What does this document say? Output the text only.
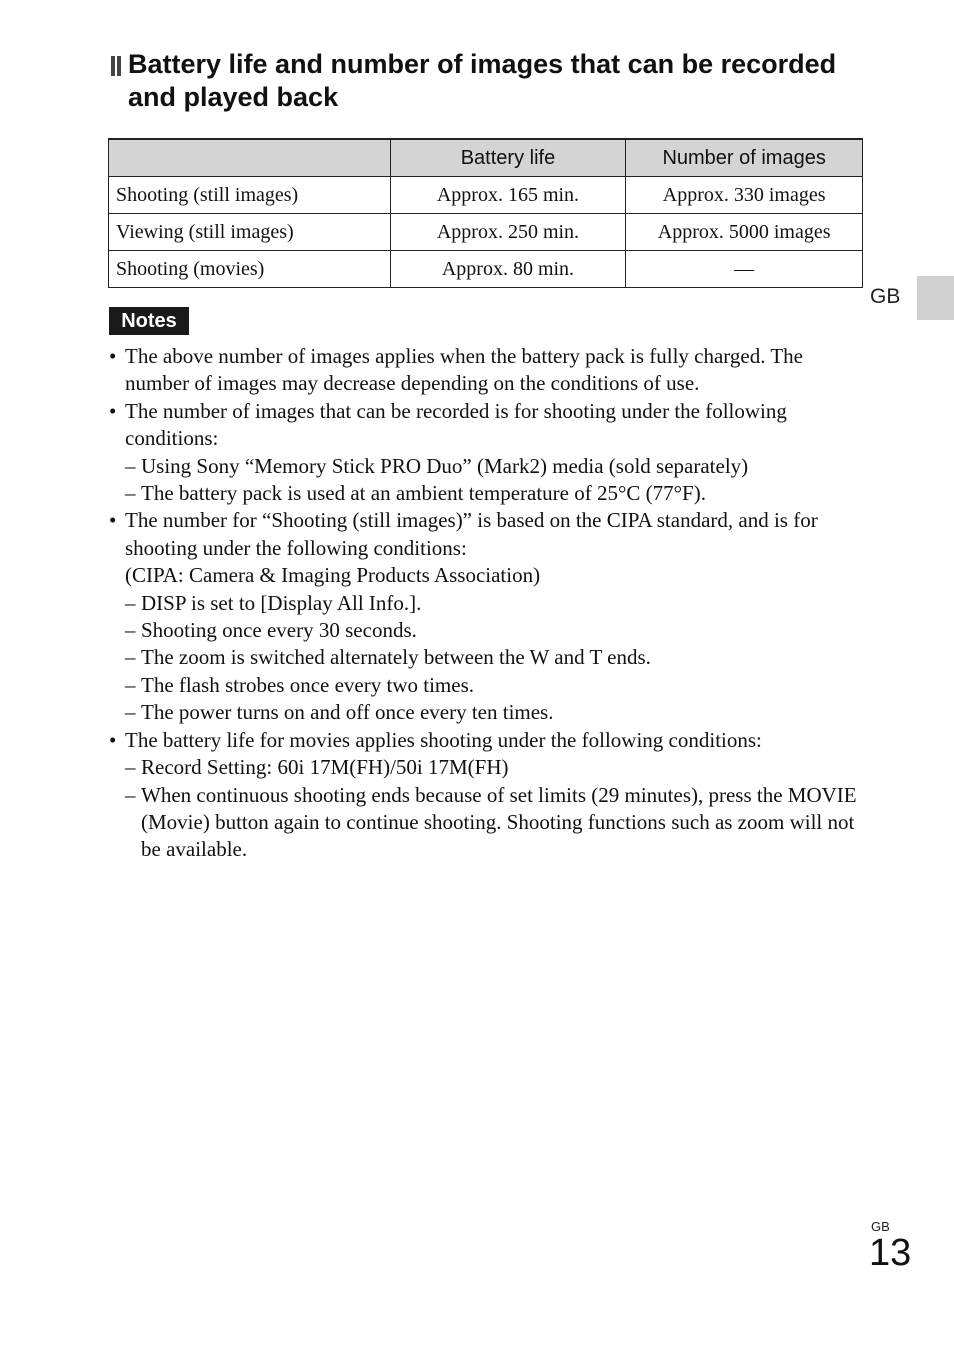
Battery life and number of images that can be recorded and played back
	Battery life	Number of images
Shooting (still images)	Approx. 165 min.	Approx. 330 images
Viewing (still images)	Approx. 250 min.	Approx. 5000 images
Shooting (movies)	Approx. 80 min.	—
GB
Notes
• The above number of images applies when the battery pack is fully charged. The number of images may decrease depending on the conditions of use.
• The number of images that can be recorded is for shooting under the following conditions:
– Using Sony “Memory Stick PRO Duo” (Mark2) media (sold separately)
– The battery pack is used at an ambient temperature of 25°C (77°F).
• The number for “Shooting (still images)” is based on the CIPA standard, and is for shooting under the following conditions:
(CIPA: Camera & Imaging Products Association)
– DISP is set to [Display All Info.].
– Shooting once every 30 seconds.
– The zoom is switched alternately between the W and T ends.
– The flash strobes once every two times.
– The power turns on and off once every ten times.
• The battery life for movies applies shooting under the following conditions:
– Record Setting: 60i 17M(FH)/50i 17M(FH)
– When continuous shooting ends because of set limits (29 minutes), press the MOVIE (Movie) button again to continue shooting. Shooting functions such as zoom will not be available.
GB
13
